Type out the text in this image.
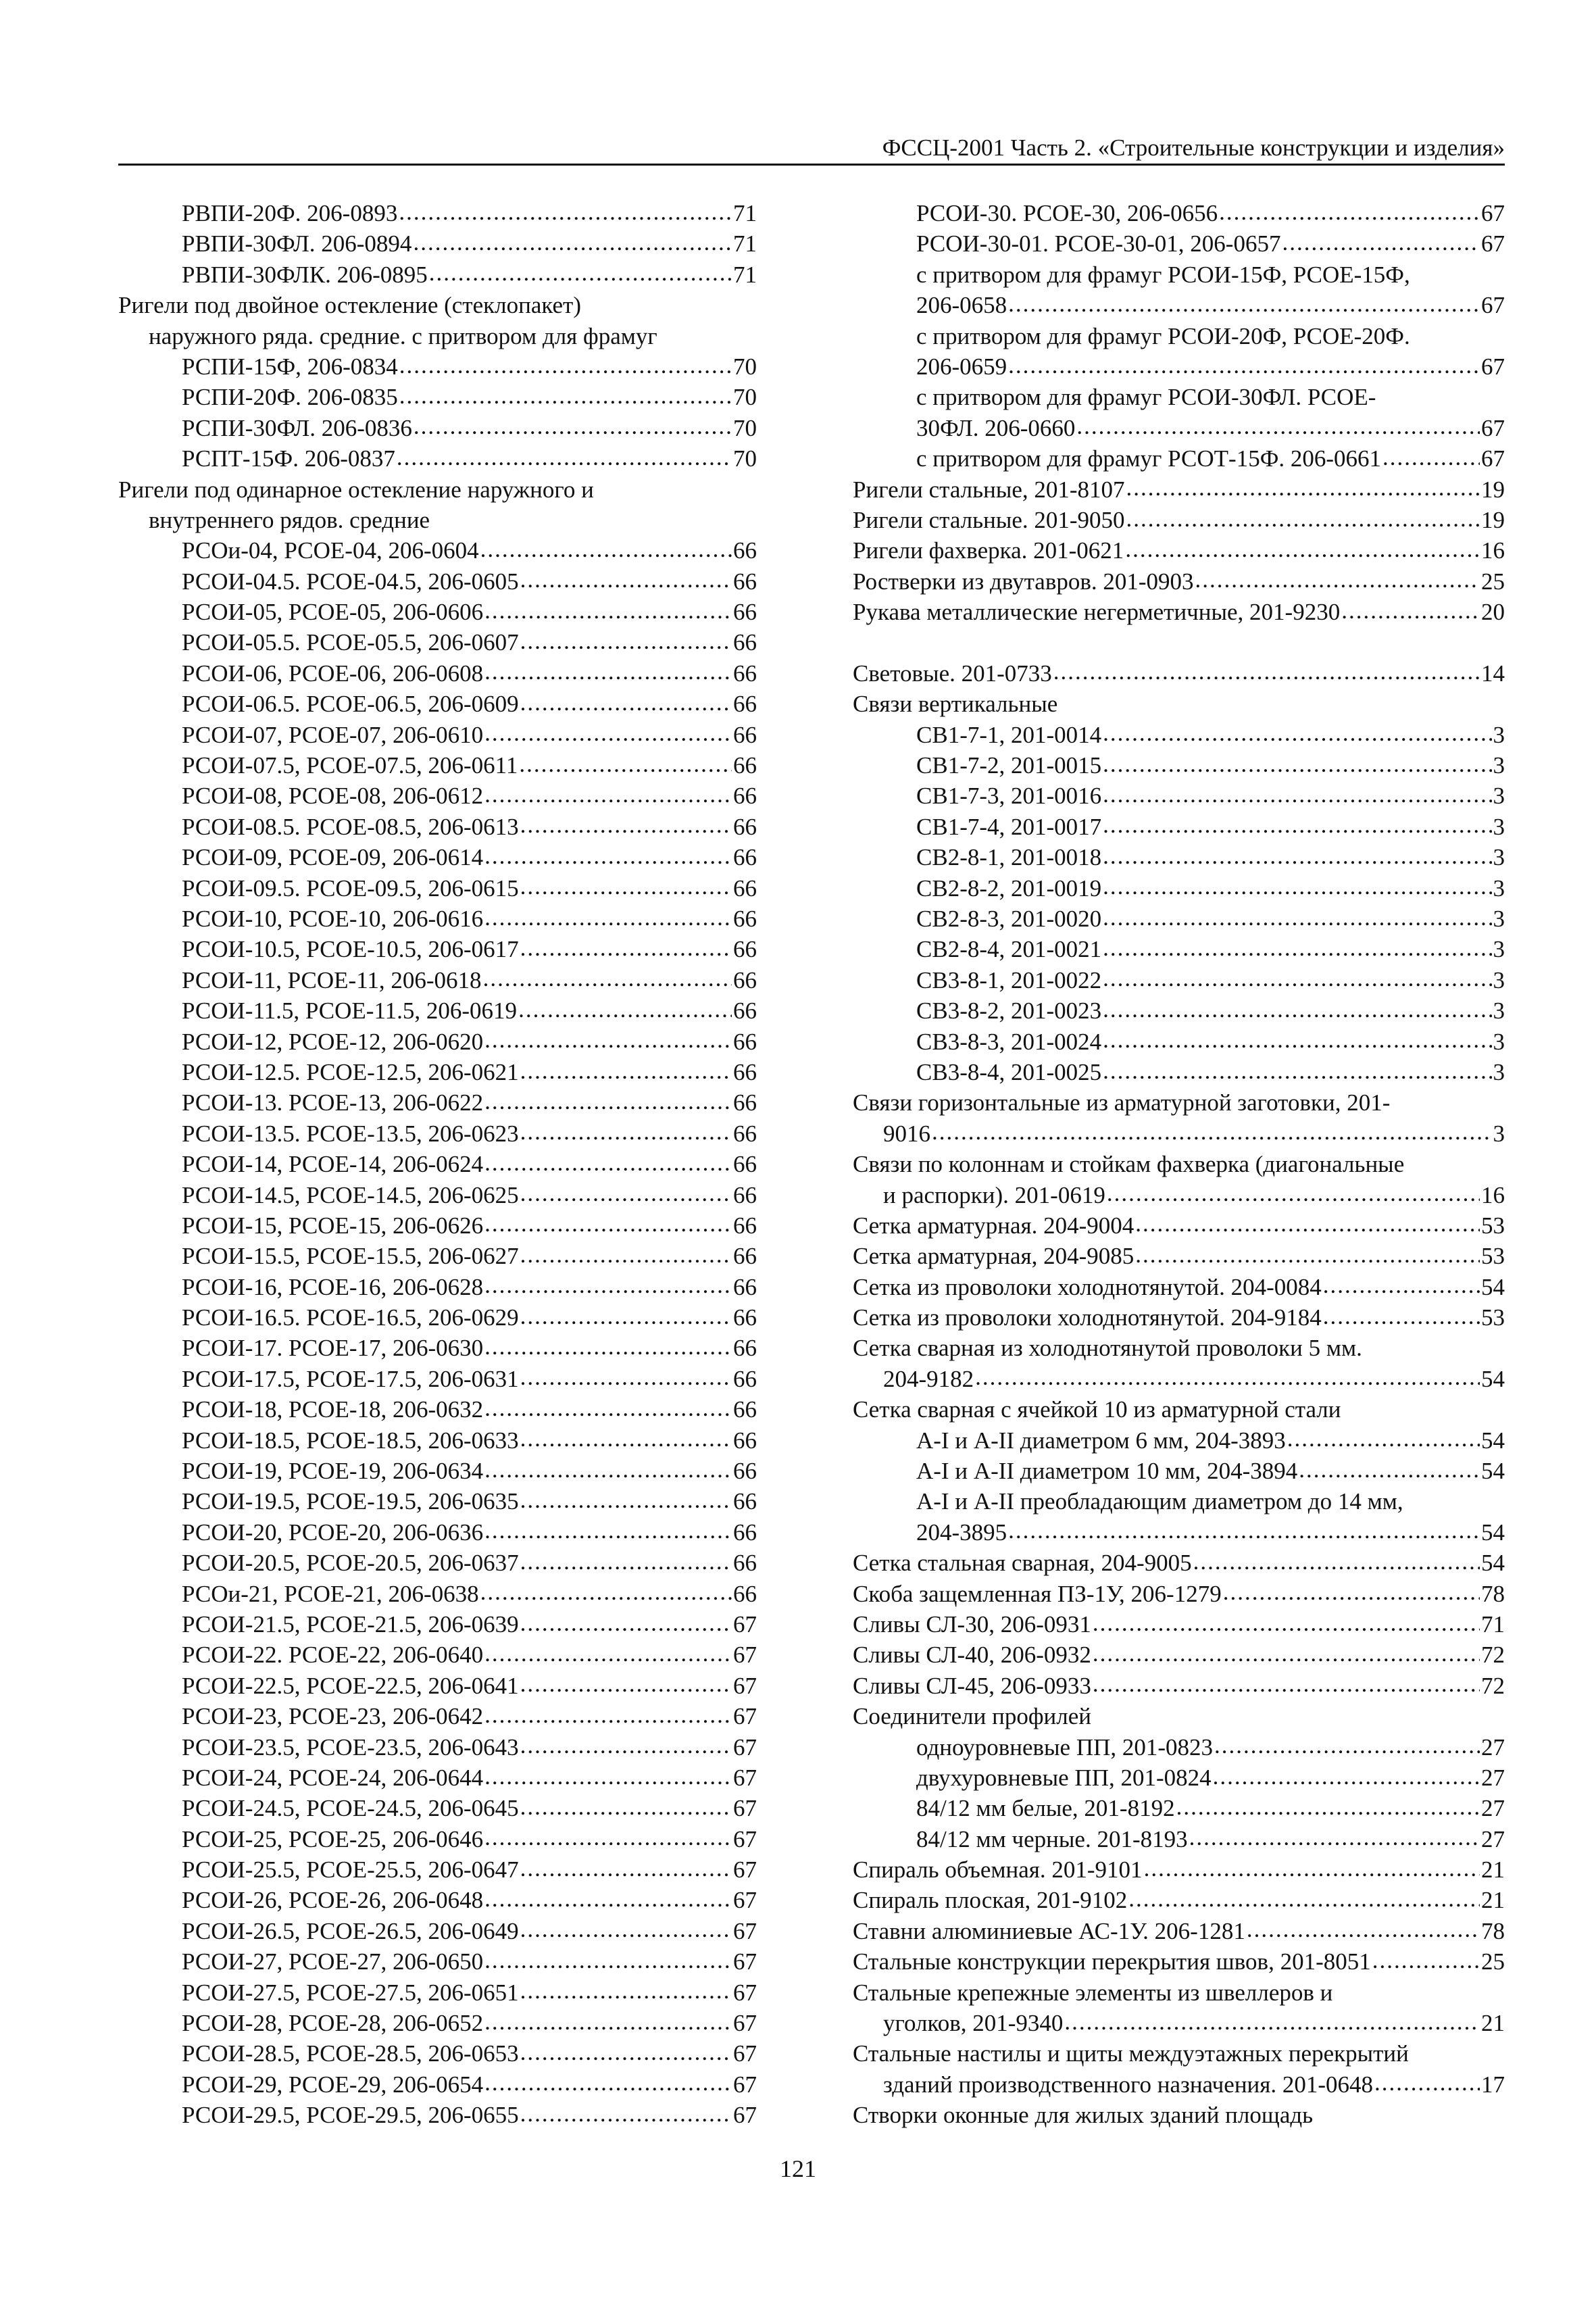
ФССЦ-2001 Часть 2. «Строительные конструкции и изделия»
РВПИ-20Ф. 206-0893 .....	71
РВПИ-30ФЛ. 206-0894 .....	71
РВПИ-30ФЛК. 206-0895 .....	71
Ригели под двойное остекление (стеклопакет)
наружного ряда. средние. с притвором для фрамуг
РСПИ-15Ф, 206-0834 .....	70
РСПИ-20Ф. 206-0835 .....	70
РСПИ-30ФЛ. 206-0836 .....	70
РСПТ-15Ф. 206-0837 .....	70
Ригели под одинарное остекление наружного и
внутреннего рядов. средние
РСОи-04, РСОЕ-04, 206-0604 .....	66
РСОИ-04.5. РСОЕ-04.5, 206-0605 .....	66
РСОИ-05, РСОЕ-05, 206-0606 .....	66
РСОИ-05.5. РСОЕ-05.5, 206-0607 .....	66
РСОИ-06, РСОЕ-06, 206-0608 .....	66
РСОИ-06.5. РСОЕ-06.5, 206-0609 .....	66
РСОИ-07, РСОЕ-07, 206-0610 .....	66
РСОИ-07.5, РСОЕ-07.5, 206-0611 .....	66
РСОИ-08, РСОЕ-08, 206-0612 .....	66
РСОИ-08.5. РСОЕ-08.5, 206-0613 .....	66
РСОИ-09, РСОЕ-09, 206-0614 .....	66
РСОИ-09.5. РСОЕ-09.5, 206-0615 .....	66
РСОИ-10, РСОЕ-10, 206-0616 .....	66
РСОИ-10.5, РСОЕ-10.5, 206-0617 .....	66
РСОИ-11, РСОЕ-11, 206-0618 .....	66
РСОИ-11.5, РСОЕ-11.5, 206-0619 .....	66
РСОИ-12, РСОЕ-12, 206-0620 .....	66
РСОИ-12.5. РСОЕ-12.5, 206-0621 .....	66
РСОИ-13. РСОЕ-13, 206-0622 .....	66
РСОИ-13.5. РСОЕ-13.5, 206-0623 .....	66
РСОИ-14, РСОЕ-14, 206-0624 .....	66
РСОИ-14.5, РСОЕ-14.5, 206-0625 .....	66
РСОИ-15, РСОЕ-15, 206-0626 .....	66
РСОИ-15.5, РСОЕ-15.5, 206-0627 .....	66
РСОИ-16, РСОЕ-16, 206-0628 .....	66
РСОИ-16.5. РСОЕ-16.5, 206-0629 .....	66
РСОИ-17. РСОЕ-17, 206-0630 .....	66
РСОИ-17.5, РСОЕ-17.5, 206-0631 .....	66
РСОИ-18, РСОЕ-18, 206-0632 .....	66
РСОИ-18.5, РСОЕ-18.5, 206-0633 .....	66
РСОИ-19, РСОЕ-19, 206-0634 .....	66
РСОИ-19.5, РСОЕ-19.5, 206-0635 .....	66
РСОИ-20, РСОЕ-20, 206-0636 .....	66
РСОИ-20.5, РСОЕ-20.5, 206-0637 .....	66
РСОи-21, РСОЕ-21, 206-0638 .....	66
РСОИ-21.5, РСОЕ-21.5, 206-0639 .....	67
РСОИ-22. РСОЕ-22, 206-0640 .....	67
РСОИ-22.5, РСОЕ-22.5, 206-0641 .....	67
РСОИ-23, РСОЕ-23, 206-0642 .....	67
РСОИ-23.5, РСОЕ-23.5, 206-0643 .....	67
РСОИ-24, РСОЕ-24, 206-0644 .....	67
РСОИ-24.5, РСОЕ-24.5, 206-0645 .....	67
РСОИ-25, РСОЕ-25, 206-0646 .....	67
РСОИ-25.5, РСОЕ-25.5, 206-0647 .....	67
РСОИ-26, РСОЕ-26, 206-0648 .....	67
РСОИ-26.5, РСОЕ-26.5, 206-0649 .....	67
РСОИ-27, РСОЕ-27, 206-0650 .....	67
РСОИ-27.5, РСОЕ-27.5, 206-0651 .....	67
РСОИ-28, РСОЕ-28, 206-0652 .....	67
РСОИ-28.5, РСОЕ-28.5, 206-0653 .....	67
РСОИ-29, РСОЕ-29, 206-0654 .....	67
РСОИ-29.5, РСОЕ-29.5, 206-0655 .....	67
РСОИ-30. РСОЕ-30, 206-0656 .....	67
РСОИ-30-01. РСОЕ-30-01, 206-0657 .....	67
с притвором для фрамуг РСОИ-15Ф, РСОЕ-15Ф,
206-0658 .....	67
с притвором для фрамуг РСОИ-20Ф, РСОЕ-20Ф.
206-0659 .....	67
с притвором для фрамуг РСОИ-30ФЛ. РСОЕ-
30ФЛ. 206-0660 .....	67
с притвором для фрамуг РСОТ-15Ф. 206-0661 .....	67
Ригели стальные, 201-8107 .....	19
Ригели стальные. 201-9050 .....	19
Ригели фахверка. 201-0621 .....	16
Ростверки из двутавров. 201-0903 .....	25
Рукава металлические негерметичные, 201-9230 .....	20
Световые. 201-0733 .....	14
Связи вертикальные
СВ1-7-1, 201-0014 .....	3
СВ1-7-2, 201-0015 .....	3
СВ1-7-3, 201-0016 .....	3
СВ1-7-4, 201-0017 .....	3
СВ2-8-1, 201-0018 .....	3
СВ2-8-2, 201-0019 .....	3
СВ2-8-3, 201-0020 .....	3
СВ2-8-4, 201-0021 .....	3
СВ3-8-1, 201-0022 .....	3
СВ3-8-2, 201-0023 .....	3
СВ3-8-3, 201-0024 .....	3
СВ3-8-4, 201-0025 .....	3
Связи горизонтальные из арматурной заготовки, 201-
9016 .....	3
Связи по колоннам и стойкам фахверка (диагональные
и распорки). 201-0619 .....	16
Сетка арматурная. 204-9004 .....	53
Сетка арматурная, 204-9085 .....	53
Сетка из проволоки холоднотянутой. 204-0084 .....	54
Сетка из проволоки холоднотянутой. 204-9184 .....	53
Сетка сварная из холоднотянутой проволоки 5 мм.
204-9182 .....	54
Сетка сварная с ячейкой 10 из арматурной стали
А-I и А-II диаметром 6 мм, 204-3893 .....	54
А-I и А-II диаметром 10 мм, 204-3894 .....	54
А-I и А-II преобладающим диаметром до 14 мм,
204-3895 .....	54
Сетка стальная сварная, 204-9005 .....	54
Скоба защемленная ПЗ-1У, 206-1279 .....	78
Сливы СЛ-30, 206-0931 .....	71
Сливы СЛ-40, 206-0932 .....	72
Сливы СЛ-45, 206-0933 .....	72
Соединители профилей
одноуровневые ПП, 201-0823 .....	27
двухуровневые ПП, 201-0824 .....	27
84/12 мм белые, 201-8192 .....	27
84/12 мм черные. 201-8193 .....	27
Спираль объемная. 201-9101 .....	21
Спираль плоская, 201-9102 .....	21
Ставни алюминиевые АС-1У. 206-1281 .....	78
Стальные конструкции перекрытия швов, 201-8051 .....	25
Стальные крепежные элементы из швеллеров и
уголков, 201-9340 .....	21
Стальные настилы и щиты междуэтажных перекрытий
зданий производственного назначения. 201-0648 .....	17
Створки оконные для жилых зданий площадь
121
